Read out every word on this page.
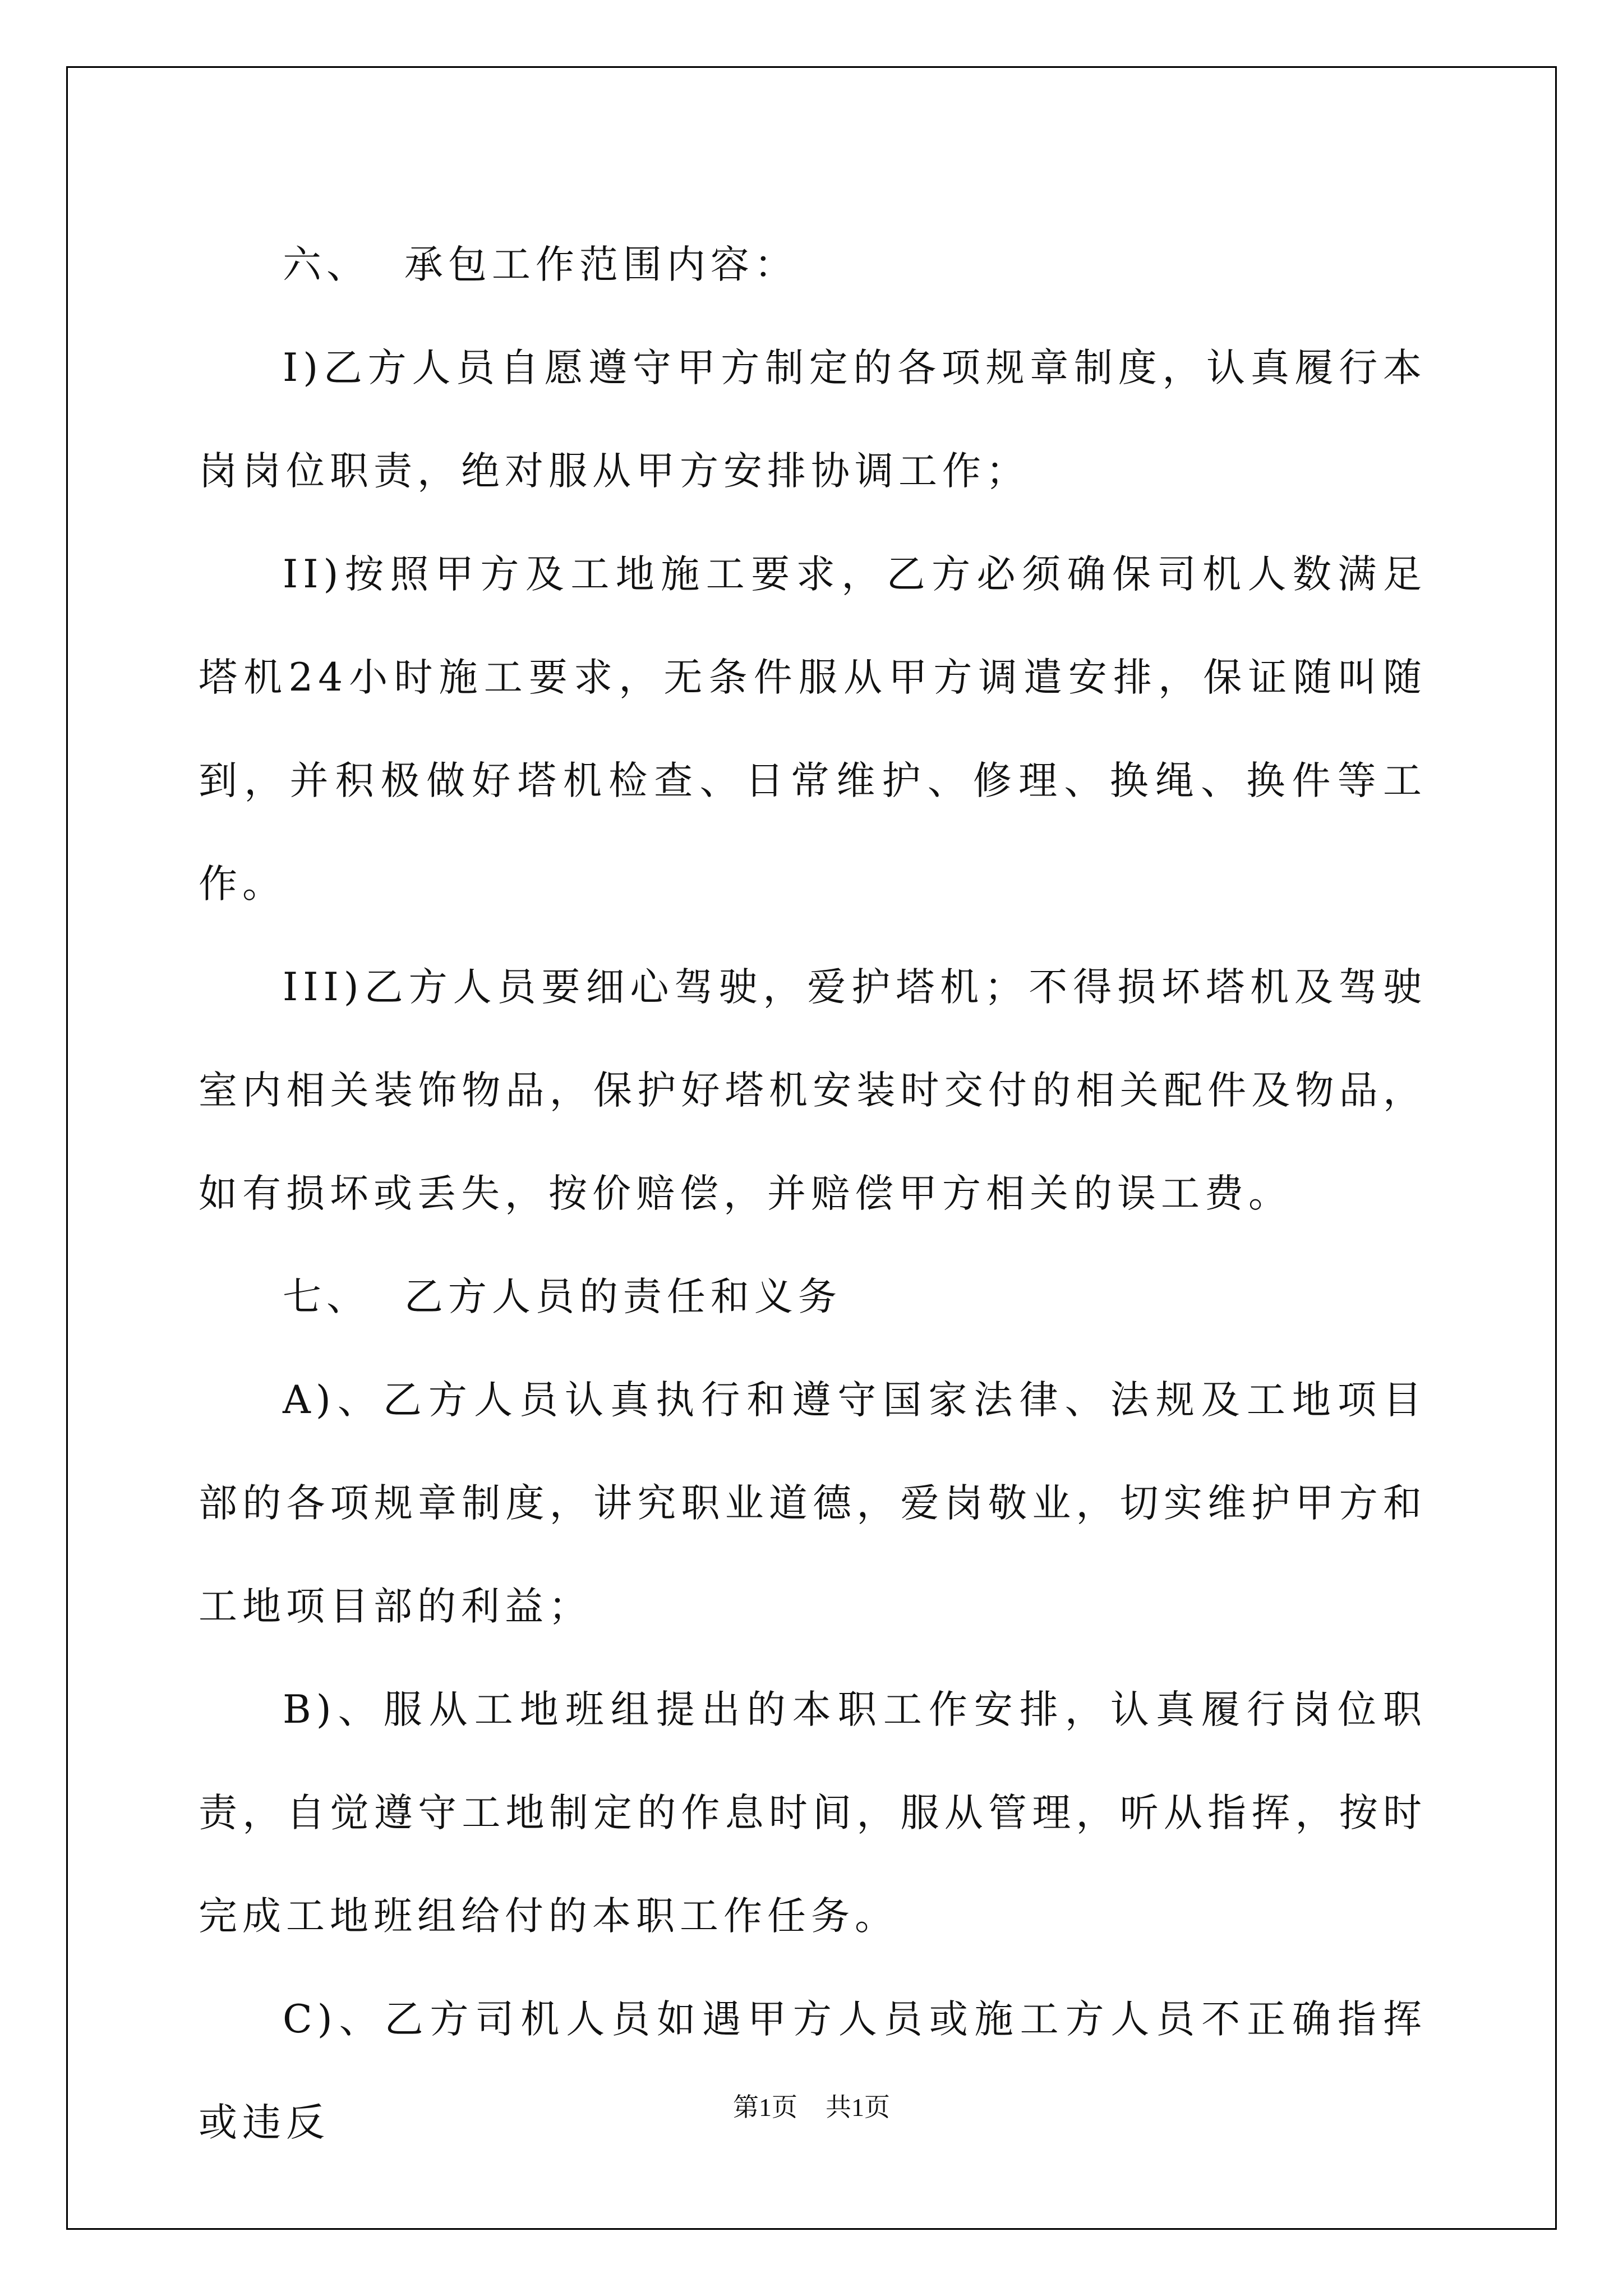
六、 承包工作范围内容：

I)乙方人员自愿遵守甲方制定的各项规章制度，认真履行本岗岗位职责，绝对服从甲方安排协调工作；

II)按照甲方及工地施工要求，乙方必须确保司机人数满足塔机24小时施工要求，无条件服从甲方调遣安排，保证随叫随到，并积极做好塔机检查、日常维护、修理、换绳、换件等工作。

III)乙方人员要细心驾驶，爱护塔机；不得损坏塔机及驾驶室内相关装饰物品，保护好塔机安装时交付的相关配件及物品，如有损坏或丢失，按价赔偿，并赔偿甲方相关的误工费。

七、 乙方人员的责任和义务

A)、乙方人员认真执行和遵守国家法律、法规及工地项目部的各项规章制度，讲究职业道德，爱岗敬业，切实维护甲方和工地项目部的利益；

B)、服从工地班组提出的本职工作安排，认真履行岗位职责，自觉遵守工地制定的作息时间，服从管理，听从指挥，按时完成工地班组给付的本职工作任务。

C)、乙方司机人员如遇甲方人员或施工方人员不正确指挥或违反	第1页 共1页
